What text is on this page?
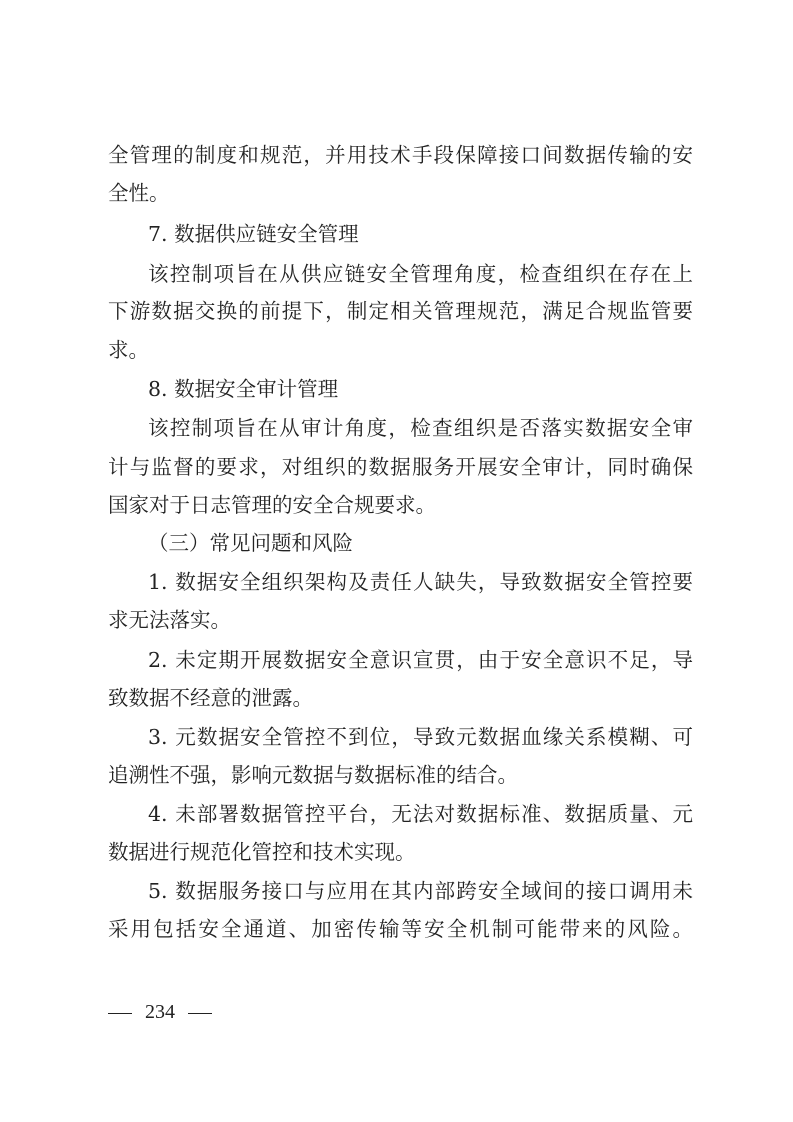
全管理的制度和规范，并用技术手段保障接口间数据传输的安
全性。
7. 数据供应链安全管理
该控制项旨在从供应链安全管理角度，检查组织在存在上
下游数据交换的前提下，制定相关管理规范，满足合规监管要
求。
8. 数据安全审计管理
该控制项旨在从审计角度，检查组织是否落实数据安全审
计与监督的要求，对组织的数据服务开展安全审计，同时确保
国家对于日志管理的安全合规要求。
（三）常见问题和风险
1. 数据安全组织架构及责任人缺失，导致数据安全管控要
求无法落实。
2. 未定期开展数据安全意识宣贯，由于安全意识不足，导
致数据不经意的泄露。
3. 元数据安全管控不到位，导致元数据血缘关系模糊、可
追溯性不强，影响元数据与数据标准的结合。
4. 未部署数据管控平台，无法对数据标准、数据质量、元
数据进行规范化管控和技术实现。
5. 数据服务接口与应用在其内部跨安全域间的接口调用未
采用包括安全通道、加密传输等安全机制可能带来的风险。
234
